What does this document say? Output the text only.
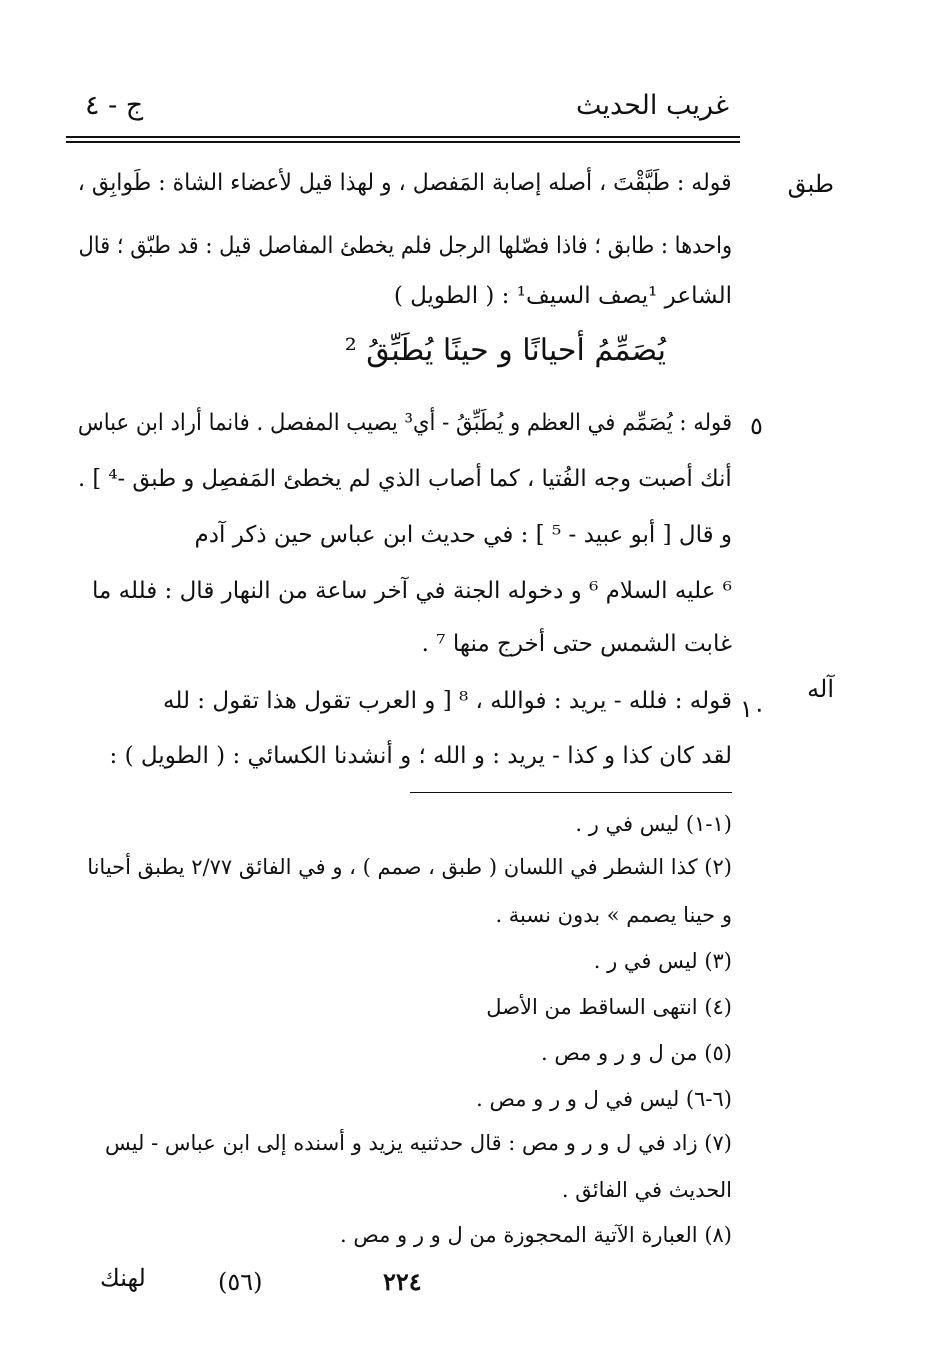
غريب الحديث
ج - ٤
طبق
آله
٥
١٠
قوله : طَبَّقْتَ ، أصله إصابة المَفصل ، و لهذا قيل لأعضاء الشاة : طَوابِق ،
واحدها : طابق ؛ فاذا فصّلها الرجل فلم يخطئ المفاصل قيل : قد طبّق ؛ قال
الشاعر ¹يصف السيف¹ : ( الطويل )
يُصَمِّمُ أحيانًا و حينًا يُطَبِّقُ ²
قوله : يُصَمِّم في العظم و يُطَبِّقُ - أي³ يصيب المفصل . فانما أراد ابن عباس
أنك أصبت وجه الفُتيا ، كما أصاب الذي لم يخطئ المَفصِل و طبق -⁴ ] .
و قال [ أبو عبيد - ⁵ ] : في حديث ابن عباس حين ذكر آدم
⁶ عليه السلام ⁶ و دخوله الجنة في آخر ساعة من النهار قال : فلله ما
غابت الشمس حتى أخرج منها ⁷ .
قوله : فلله - يريد : فوالله ، ⁸ [ و العرب تقول هذا تقول : لله
لقد كان كذا و كذا - يريد : و الله ؛ و أنشدنا الكسائي : ( الطويل ) :
(١-١) ليس في ر .
(٢) كذا الشطر في اللسان ( طبق ، صمم ) ، و في الفائق ٢/٧٧ يطبق أحيانا
و حينا يصمم » بدون نسبة .
(٣) ليس في ر .
(٤) انتهى الساقط من الأصل
(٥) من ل و ر و مص .
(٦-٦) ليس في ل و ر و مص .
(٧) زاد في ل و ر و مص : قال حدثنيه يزيد و أسنده إلى ابن عباس - ليس
الحديث في الفائق .
(٨) العبارة الآتية المحجوزة من ل و ر و مص .
٢٢٤
(٥٦)
لهنك
